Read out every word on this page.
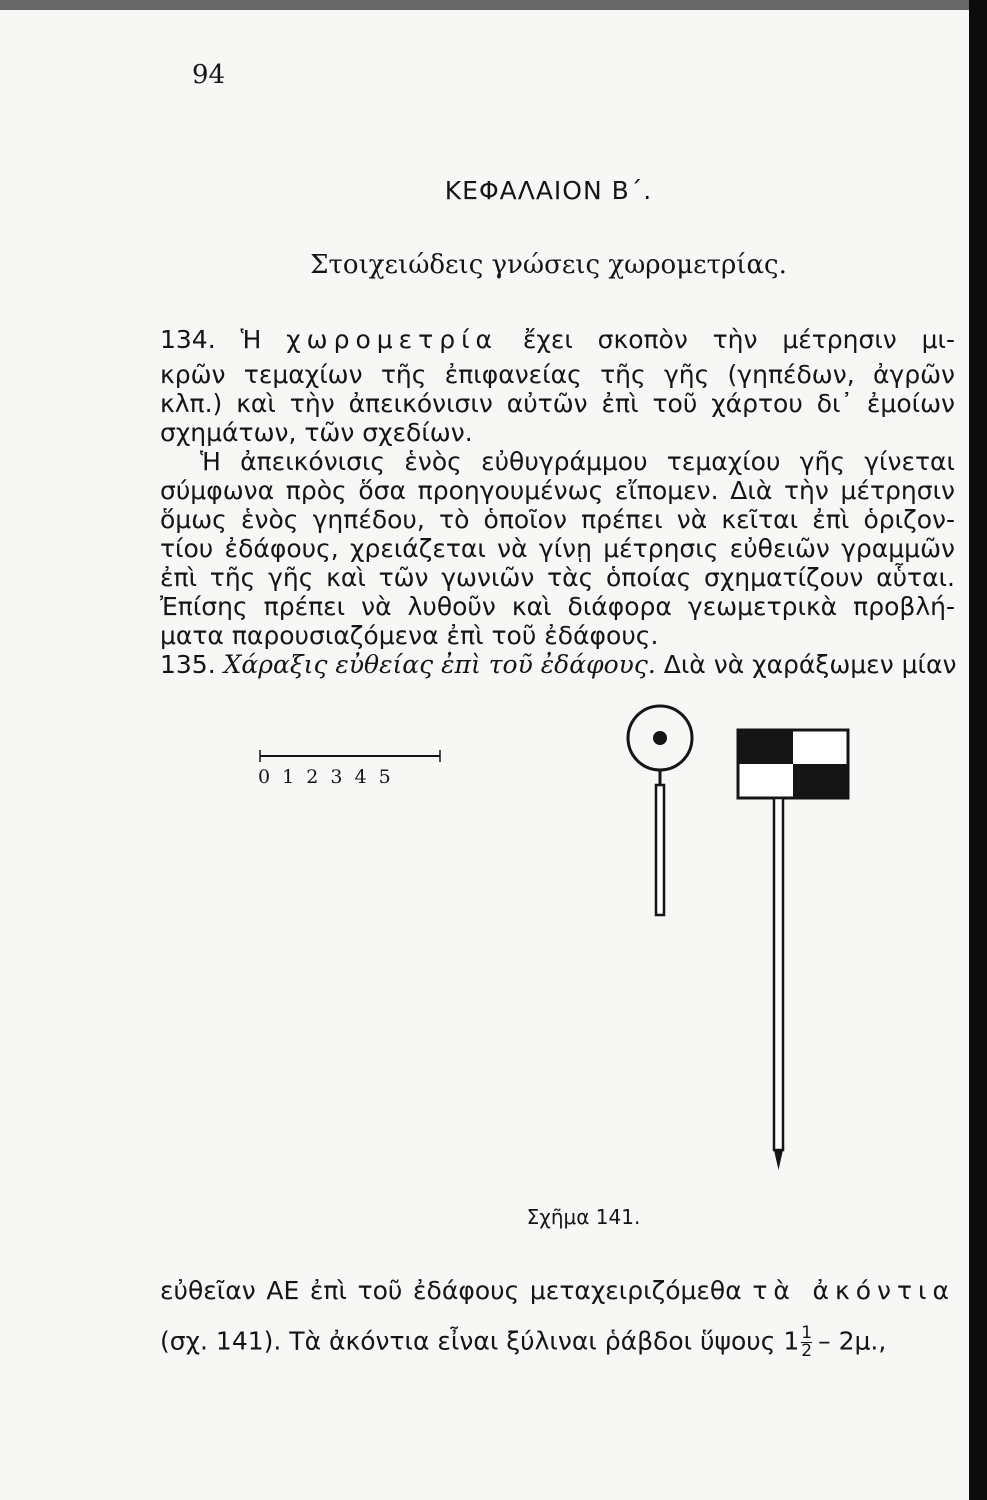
94
ΚΕΦΑΛΑΙΟΝ Β΄.
Στοιχειώδεις γνώσεις χωρομετρίας.
134. Ἡ χωρομετρία ἔχει σκοπὸν τὴν μέτρησιν μι-
κρῶν τεμαχίων τῆς ἐπιφανείας τῆς γῆς (γηπέδων, ἀγρῶν
κλπ.) καὶ τὴν ἀπεικόνισιν αὐτῶν ἐπὶ τοῦ χάρτου δι᾽ ἐμοίων
σχημάτων, τῶν σχεδίων.
Ἡ ἀπεικόνισις ἑνὸς εὐθυγράμμου τεμαχίου γῆς γίνεται
σύμφωνα πρὸς ὅσα προηγουμένως εἴπομεν. Διὰ τὴν μέτρησιν
ὅμως ἑνὸς γηπέδου, τὸ ὁποῖον πρέπει νὰ κεῖται ἐπὶ ὁριζον-
τίου ἐδάφους, χρειάζεται νὰ γίνῃ μέτρησις εὐθειῶν γραμμῶν
ἐπὶ τῆς γῆς καὶ τῶν γωνιῶν τὰς ὁποίας σχηματίζουν αὗται.
Ἐπίσης πρέπει νὰ λυθοῦν καὶ διάφορα γεωμετρικὰ προβλή-
ματα παρουσιαζόμενα ἐπὶ τοῦ ἐδάφους.
135. Χάραξις εὐθείας ἐπὶ τοῦ ἐδάφους. Διὰ νὰ χαράξωμεν μίαν
0 1 2 3 4 5
Σχῆμα 141.
εὐθεῖαν ΑΕ ἐπὶ τοῦ ἐδάφους μεταχειριζόμεθα τὰ ἀκόντια
(σχ. 141). Τὰ ἀκόντια εἶναι ξύλιναι ῥάβδοι ὕψους $1 \frac{1}{2} - 2\mu$.,
